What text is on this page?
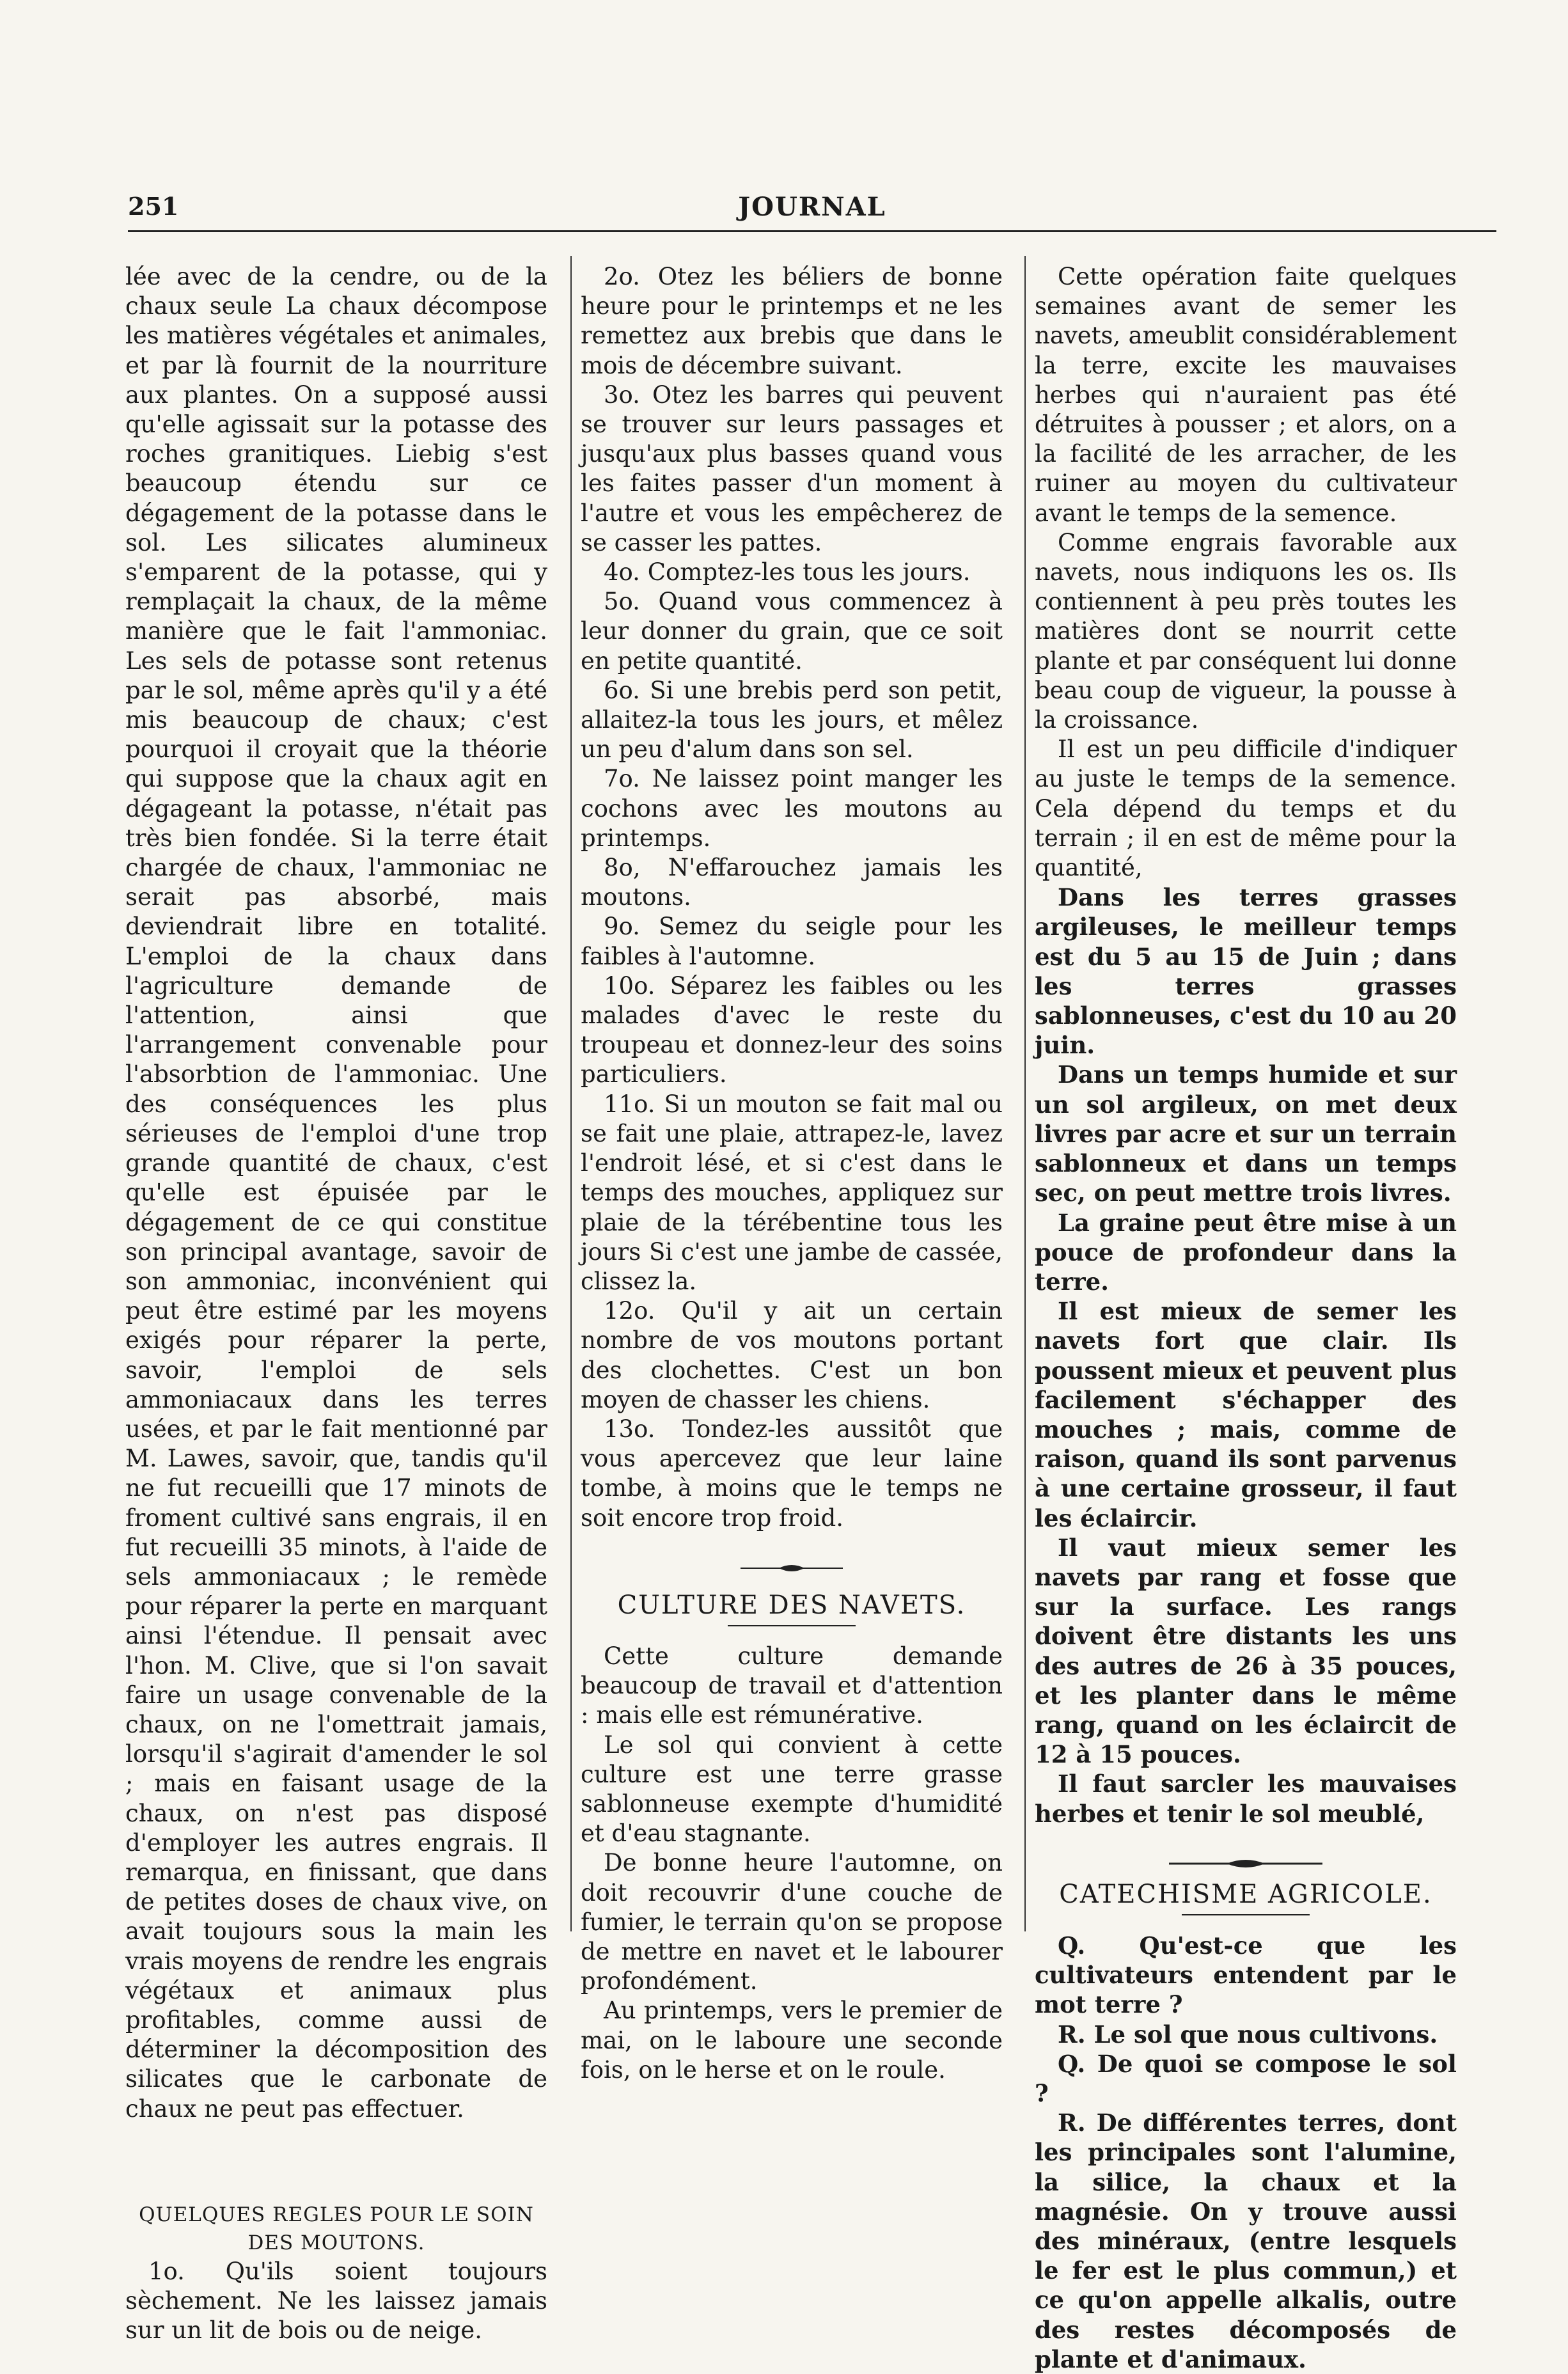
251	JOURNAL

lée avec de la cendre, ou de la chaux seule La chaux décompose les matières végétales et animales, et par là fournit de la nourriture aux plantes. On a supposé aussi qu'elle agissait sur la potasse des roches granitiques. Liebig s'est beaucoup étendu sur ce dégagement de la potasse dans le sol. Les silicates alumineux s'emparent de la potasse, qui y remplaçait la chaux, de la même manière que le fait l'ammoniac. Les sels de potasse sont retenus par le sol, même après qu'il y a été mis beaucoup de chaux; c'est pourquoi il croyait que la théorie qui suppose que la chaux agit en dégageant la potasse, n'était pas très bien fondée. Si la terre était chargée de chaux, l'ammoniac ne serait pas absorbé, mais deviendrait libre en totalité. L'emploi de la chaux dans l'agriculture demande de l'attention, ainsi que l'arrangement convenable pour l'absorbtion de l'ammoniac. Une des conséquences les plus sérieuses de l'emploi d'une trop grande quantité de chaux, c'est qu'elle est épuisée par le dégagement de ce qui constitue son principal avantage, savoir de son ammoniac, inconvénient qui peut être estimé par les moyens exigés pour réparer la perte, savoir, l'emploi de sels ammoniacaux dans les terres usées, et par le fait mentionné par M. Lawes, savoir, que, tandis qu'il ne fut recueilli que 17 minots de froment cultivé sans engrais, il en fut recueilli 35 minots, à l'aide de sels ammoniacaux ; le remède pour réparer la perte en marquant ainsi l'étendue. Il pensait avec l'hon. M. Clive, que si l'on savait faire un usage convenable de la chaux, on ne l'omettrait jamais, lorsqu'il s'agirait d'amender le sol ; mais en faisant usage de la chaux, on n'est pas disposé d'employer les autres engrais. Il remarqua, en finissant, que dans de petites doses de chaux vive, on avait toujours sous la main les vrais moyens de rendre les engrais végétaux et animaux plus profitables, comme aussi de déterminer la décomposition des silicates que le carbonate de chaux ne peut pas effectuer.

QUELQUES REGLES POUR LE SOIN DES MOUTONS.

1o. Qu'ils soient toujours sèchement. Ne les laissez jamais sur un lit de bois ou de neige.

2o. Otez les béliers de bonne heure pour le printemps et ne les remettez aux brebis que dans le mois de décembre suivant.

3o. Otez les barres qui peuvent se trouver sur leurs passages et jusqu'aux plus basses quand vous les faites passer d'un moment à l'autre et vous les empêcherez de se casser les pattes.

4o. Comptez-les tous les jours.

5o. Quand vous commencez à leur donner du grain, que ce soit en petite quantité.

6o. Si une brebis perd son petit, allaitez-la tous les jours, et mêlez un peu d'alum dans son sel.

7o. Ne laissez point manger les cochons avec les moutons au printemps.

8o, N'effarouchez jamais les moutons.

9o. Semez du seigle pour les faibles à l'automne.

10o. Séparez les faibles ou les malades d'avec le reste du troupeau et donnez-leur des soins particuliers.

11o. Si un mouton se fait mal ou se fait une plaie, attrapez-le, lavez l'endroit lésé, et si c'est dans le temps des mouches, appliquez sur plaie de la térébentine tous les jours Si c'est une jambe de cassée, clissez la.

12o. Qu'il y ait un certain nombre de vos moutons portant des clochettes. C'est un bon moyen de chasser les chiens.

13o. Tondez-les aussitôt que vous apercevez que leur laine tombe, à moins que le temps ne soit encore trop froid.

CULTURE DES NAVETS.

Cette culture demande beaucoup de travail et d'attention : mais elle est rémunérative.

Le sol qui convient à cette culture est une terre grasse sablonneuse exempte d'humidité et d'eau stagnante.

De bonne heure l'automne, on doit recouvrir d'une couche de fumier, le terrain qu'on se propose de mettre en navet et le labourer profondément.

Au printemps, vers le premier de mai, on le laboure une seconde fois, on le herse et on le roule.

Cette opération faite quelques semaines avant de semer les navets, ameublit considérablement la terre, excite les mauvaises herbes qui n'auraient pas été détruites à pousser ; et alors, on a la facilité de les arracher, de les ruiner au moyen du cultivateur avant le temps de la semence.

Comme engrais favorable aux navets, nous indiquons les os. Ils contiennent à peu près toutes les matières dont se nourrit cette plante et par conséquent lui donne beau coup de vigueur, la pousse à la croissance.

Il est un peu difficile d'indiquer au juste le temps de la semence. Cela dépend du temps et du terrain ; il en est de même pour la quantité,

Dans les terres grasses argileuses, le meilleur temps est du 5 au 15 de Juin ; dans les terres grasses sablonneuses, c'est du 10 au 20 juin.

Dans un temps humide et sur un sol argileux, on met deux livres par acre et sur un terrain sablonneux et dans un temps sec, on peut mettre trois livres.

La graine peut être mise à un pouce de profondeur dans la terre.

Il est mieux de semer les navets fort que clair. Ils poussent mieux et peuvent plus facilement s'échapper des mouches ; mais, comme de raison, quand ils sont parvenus à une certaine grosseur, il faut les éclaircir.

Il vaut mieux semer les navets par rang et fosse que sur la surface. Les rangs doivent être distants les uns des autres de 26 à 35 pouces, et les planter dans le même rang, quand on les éclaircit de 12 à 15 pouces.

Il faut sarcler les mauvaises herbes et tenir le sol meublé,

CATECHISME AGRICOLE.

Q. Qu'est-ce que les cultivateurs entendent par le mot terre ?

R. Le sol que nous cultivons.

Q. De quoi se compose le sol ?

R. De différentes terres, dont les principales sont l'alumine, la silice, la chaux et la magnésie. On y trouve aussi des minéraux, (entre lesquels le fer est le plus commun,) et ce qu'on appelle alkalis, outre des restes décomposés de plante et d'animaux.
